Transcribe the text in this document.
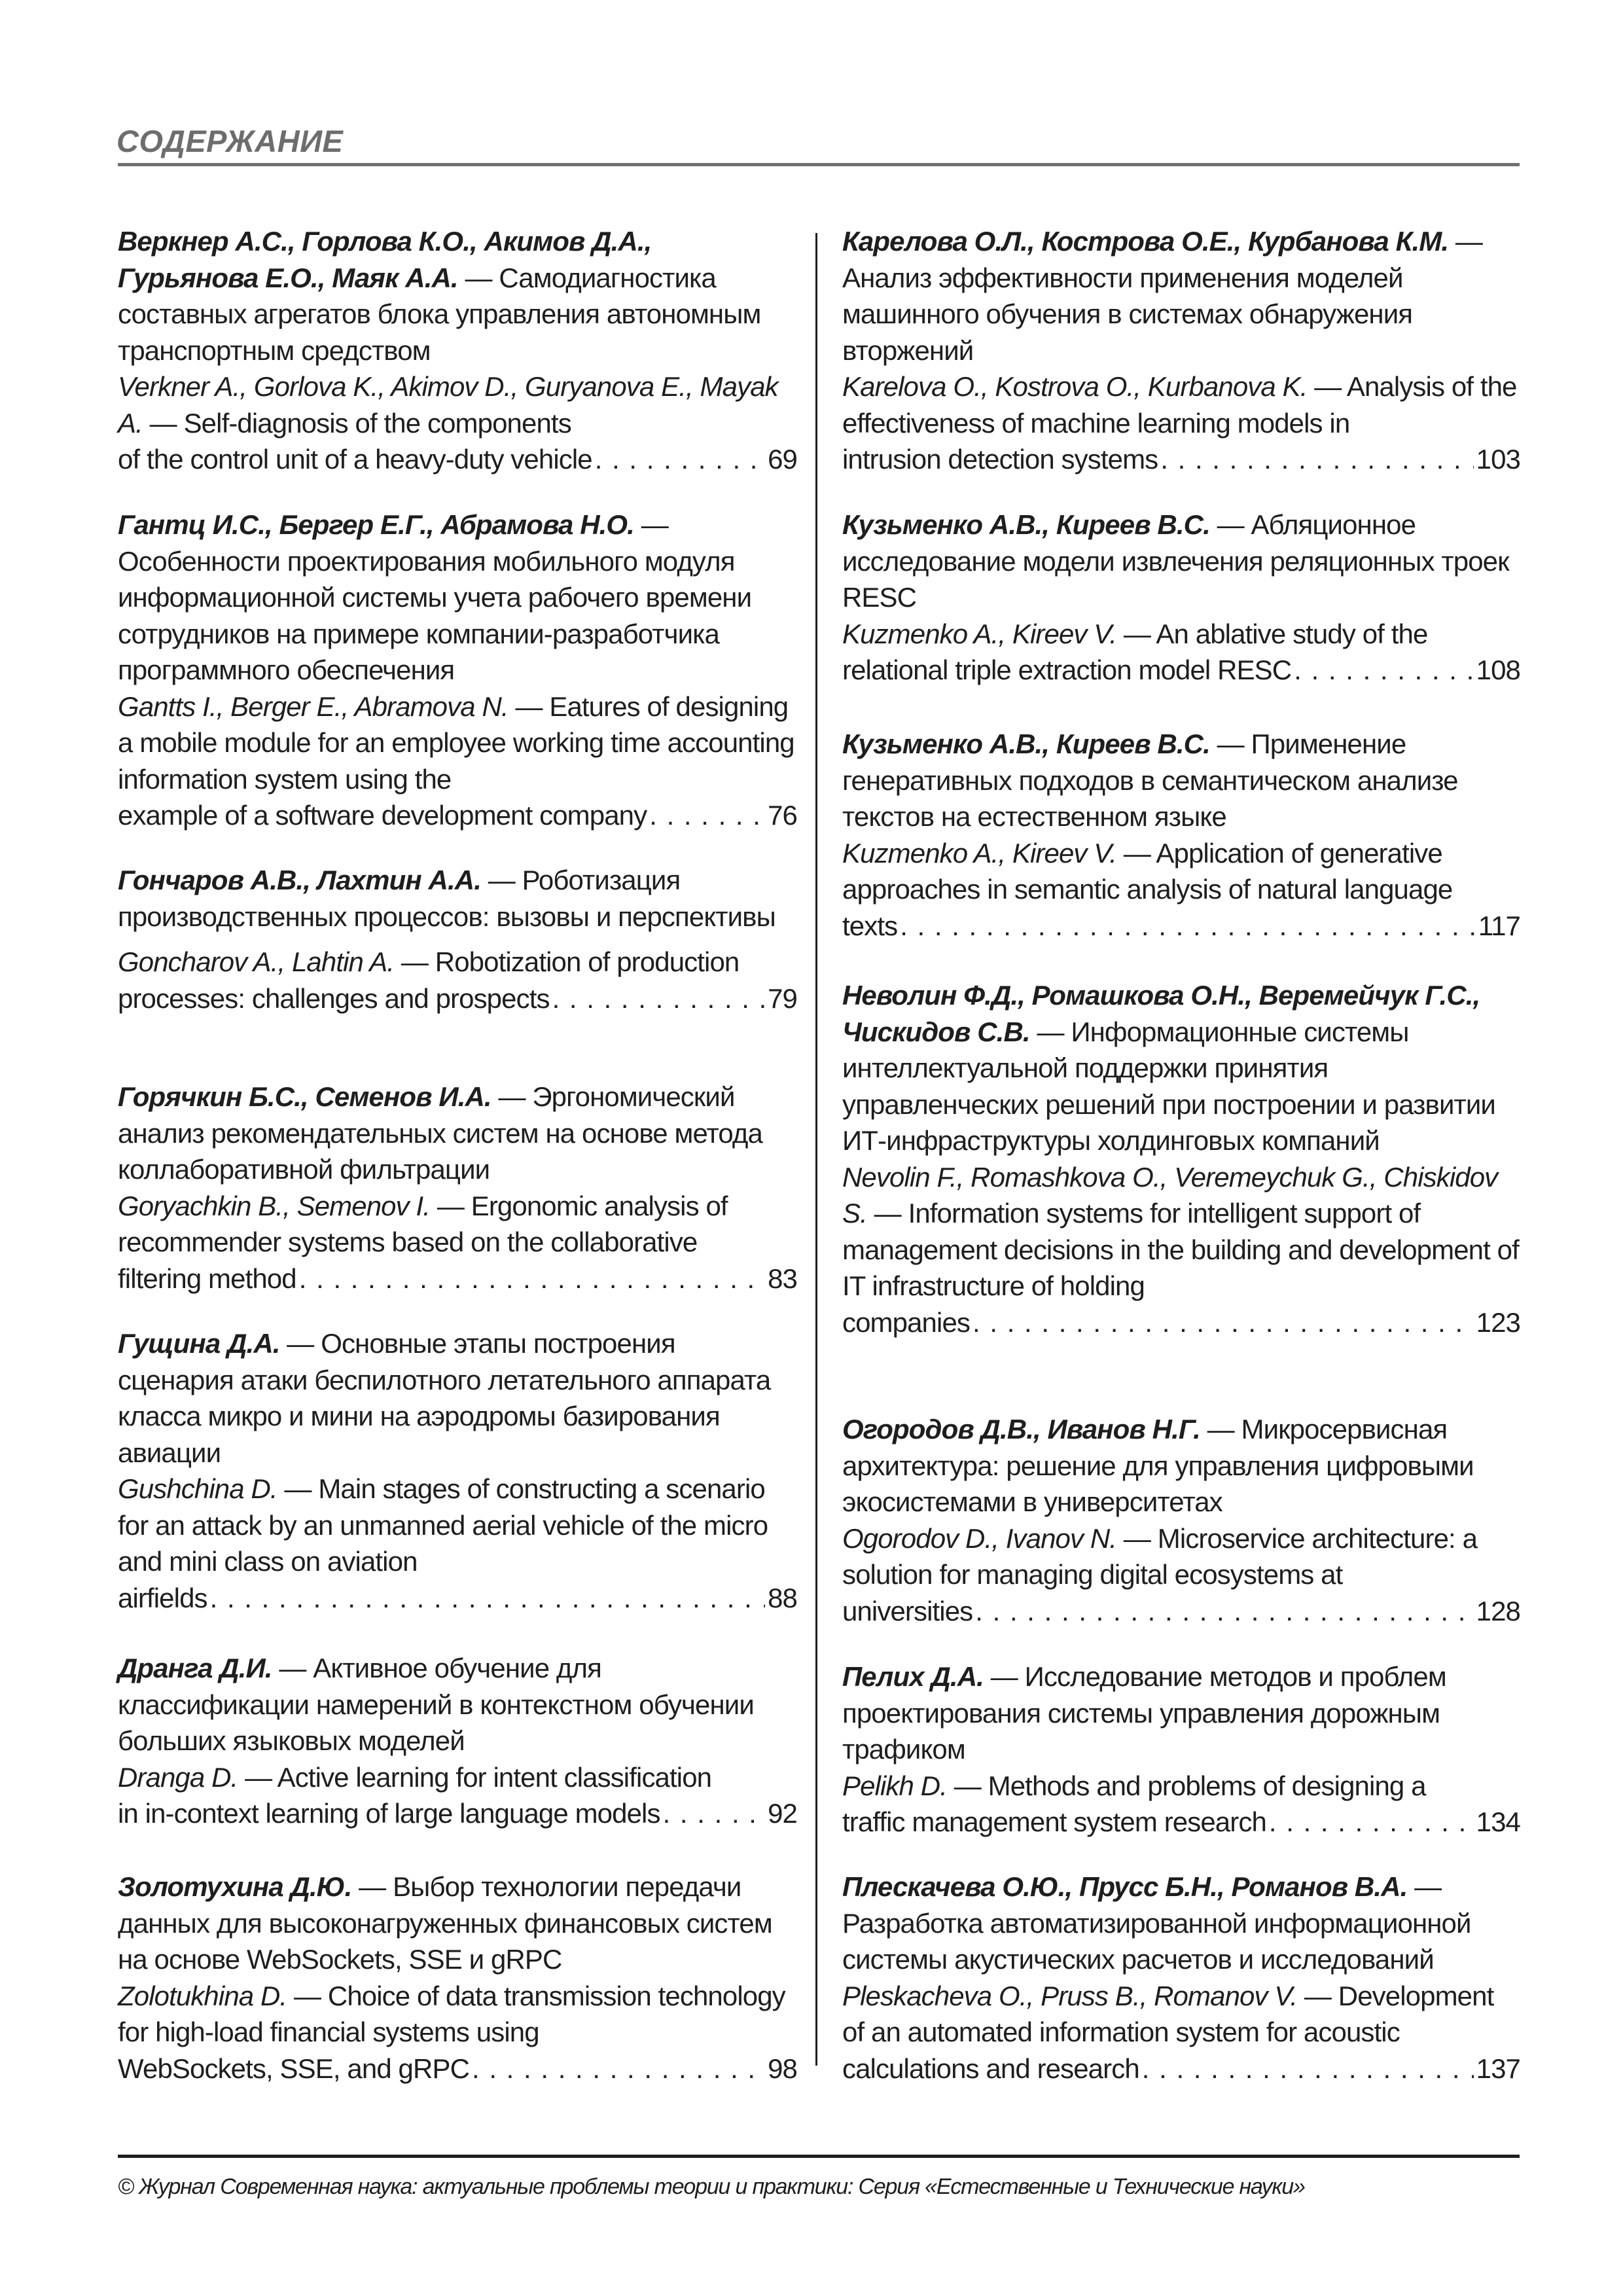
СОДЕРЖАНИЕ
Веркнер А.С., Горлова К.О., Акимов Д.А., Гурьянова Е.О., Маяк А.А. — Самодиагностика составных агрегатов блока управления автономным транспортным средством
Verkner A., Gorlova K., Akimov D., Guryanova E., Mayak A. — Self-diagnosis of the components
of the control unit of a heavy-duty vehicle . . .	69
Гантц И.С., Бергер Е.Г., Абрамова Н.О. — Особенности проектирования мобильного модуля информационной системы учета рабочего времени сотрудников на примере компании-разработчика программного обеспечения
Gantts I., Berger E., Abramova N. — Eatures of designing a mobile module for an employee working time accounting information system using the
example of a software development company . . .	76
Гончаров А.В., Лахтин А.А. — Роботизация производственных процессов: вызовы и перспективы
Goncharov A., Lahtin A. — Robotization of production
processes: challenges and prospects . . .	79
Горячкин Б.С., Семенов И.А. — Эргономический анализ рекомендательных систем на основе метода коллаборативной фильтрации
Goryachkin B., Semenov I. — Ergonomic analysis of recommender systems based on the collaborative
filtering method . . .	83
Гущина Д.А. — Основные этапы построения сценария атаки беспилотного летательного аппарата класса микро и мини на аэродромы базирования авиации
Gushchina D. — Main stages of constructing a scenario for an attack by an unmanned aerial vehicle of the micro and mini class on aviation
airfields . . .	88
Дранга Д.И. — Активное обучение для классификации намерений в контекстном обучении больших языковых моделей
Dranga D. — Active learning for intent classification
in in-context learning of large language models . . .	92
Золотухина Д.Ю. — Выбор технологии передачи данных для высоконагруженных финансовых систем на основе WebSockets, SSE и gRPC
Zolotukhina D. — Choice of data transmission technology for high-load financial systems using
WebSockets, SSE, and gRPC . . .	98
Карелова О.Л., Кострова О.Е., Курбанова К.М. — Анализ эффективности применения моделей машинного обучения в системах обнаружения вторжений
Karelova O., Kostrova O., Kurbanova K. — Analysis of the effectiveness of machine learning models in
intrusion detection systems . . .	103
Кузьменко А.В., Киреев В.С. — Абляционное исследование модели извлечения реляционных троек RESC
Kuzmenko A., Kireev V. — An ablative study of the
relational triple extraction model RESC . . .	108
Кузьменко А.В., Киреев В.С. — Применение генеративных подходов в семантическом анализе текстов на естественном языке
Kuzmenko A., Kireev V. — Application of generative approaches in semantic analysis of natural language
texts . . .	117
Неволин Ф.Д., Ромашкова О.Н., Веремейчук Г.С., Чискидов С.В. — Информационные системы интеллектуальной поддержки принятия управленческих решений при построении и развитии ИТ-инфраструктуры холдинговых компаний
Nevolin F., Romashkova O., Veremeychuk G., Chiskidov S. — Information systems for intelligent support of management decisions in the building and development of IT infrastructure of holding
companies . . .	123
Огородов Д.В., Иванов Н.Г. — Микросервисная архитектура: решение для управления цифровыми экосистемами в университетах
Ogorodov D., Ivanov N. — Microservice architecture: a solution for managing digital ecosystems at
universities . . .	128
Пелих Д.А. — Исследование методов и проблем проектирования системы управления дорожным трафиком
Pelikh D. — Methods and problems of designing a
traffic management system research . . .	134
Плескачева О.Ю., Прусс Б.Н., Романов В.А. — Разработка автоматизированной информационной системы акустических расчетов и исследований
Pleskacheva O., Pruss B., Romanov V. — Development of an automated information system for acoustic
calculations and research . . .	137
© Журнал Современная наука: актуальные проблемы теории и практики: Серия «Естественные и Технические науки»
